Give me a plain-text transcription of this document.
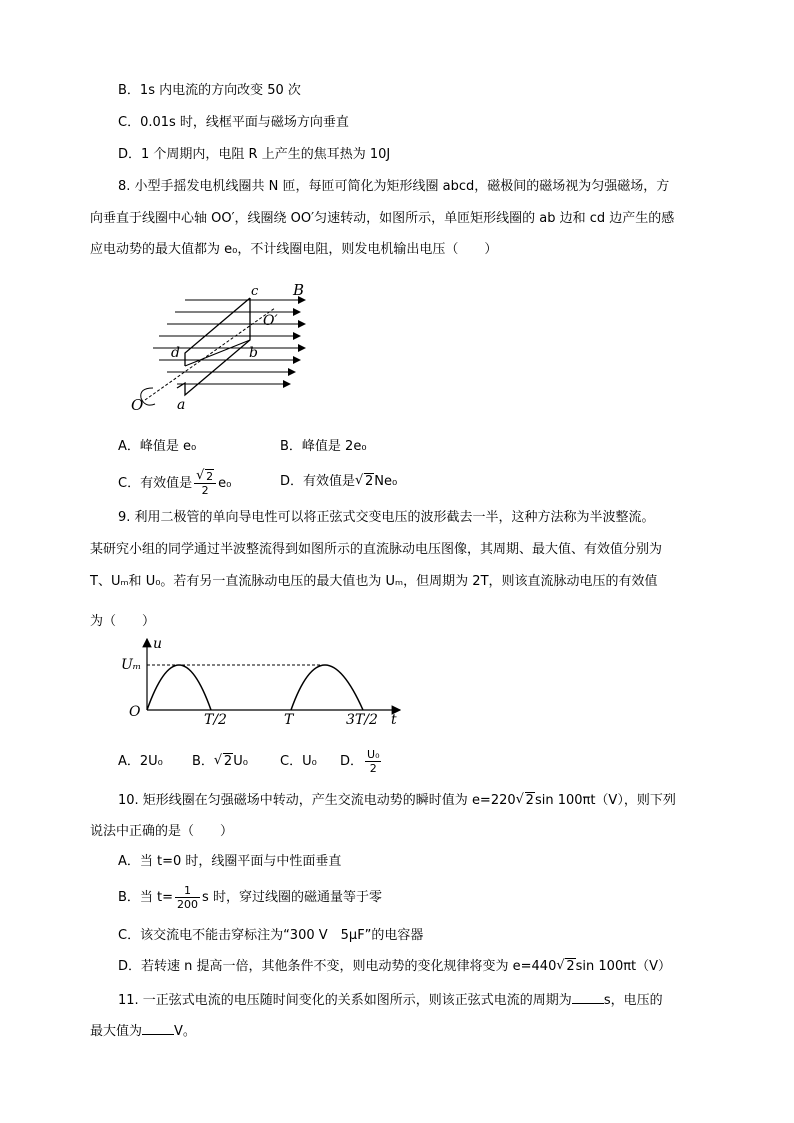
B．1s 内电流的方向改变 50 次
C．0.01s 时，线框平面与磁场方向垂直
D．1 个周期内，电阻 R 上产生的焦耳热为 10J
8. 小型手摇发电机线圈共 N 匝，每匝可简化为矩形线圈 abcd，磁极间的磁场视为匀强磁场，方
向垂直于线圈中心轴 OO′，线圈绕 OO′匀速转动，如图所示，单匝矩形线圈的 ab 边和 cd 边产生的感
应电动势的最大值都为 e₀，不计线圈电阻，则发电机输出电压（　　）
c B
O′
d	b
O a
A．峰值是 e₀	B．峰值是 2e₀
C．有效值是 √ $\frac{2}{2} e_0$	D．有效值是 √ 2Ne₀
9. 利用二极管的单向导电性可以将正弦式交变电压的波形截去一半，这种方法称为半波整流。
某研究小组的同学通过半波整流得到如图所示的直流脉动电压图像，其周期、最大值、有效值分别为
T、Uₘ和 U₀。若有另一直流脉动电压的最大值也为 Uₘ，但周期为 2T，则该直流脉动电压的有效值
为（　　）
u
Uₘ
O	T/2	T	3T/2 t
A．2U₀ B． √ 2U₀ C．U₀ D． $\frac{\text{U₀}}{2}$
10. 矩形线圈在匀强磁场中转动，产生交流电动势的瞬时值为 e=220 √ 2sin 100πt（V），则下列
说法中正确的是（　　）
A．当 t=0 时，线圈平面与中性面垂直
B．当 $t= \frac{1}{200}$ s 时，穿过线圈的磁通量等于零
C．该交流电不能击穿标注为“300 V　5μF”的电容器
D．若转速 n 提高一倍，其他条件不变，则电动势的变化规律将变为 e=440 √ 2sin 100πt（V）
11. 一正弦式电流的电压随时间变化的关系如图所示，则该正弦式电流的周期为 s，电压的
最大值为 V。
